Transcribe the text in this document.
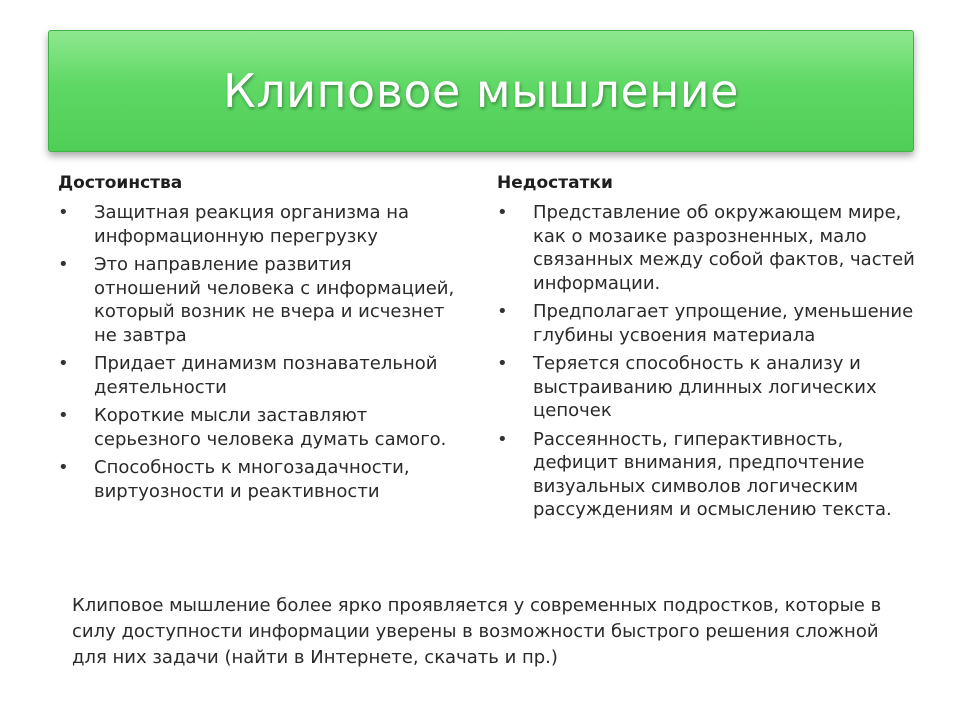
Клиповое мышление
Достоинства
• Защитная реакция организма на информационную перегрузку
• Это направление развития отношений человека с информацией, который возник не вчера и исчезнет не завтра
• Придает динамизм познавательной деятельности
• Короткие мысли заставляют серьезного человека думать самого.
• Способность к многозадачности, виртуозности и реактивности
Недостатки
• Представление об окружающем мире, как о мозаике разрозненных, мало связанных между собой фактов, частей информации.
• Предполагает упрощение, уменьшение глубины усвоения материала
• Теряется способность к анализу и выстраиванию длинных логических цепочек
• Рассеянность, гиперактивность, дефицит внимания, предпочтение визуальных символов логическим рассуждениям и осмыслению текста.
Клиповое мышление более ярко проявляется у современных подростков, которые в силу доступности информации уверены в возможности быстрого решения сложной для них задачи (найти в Интернете, скачать и пр.)
